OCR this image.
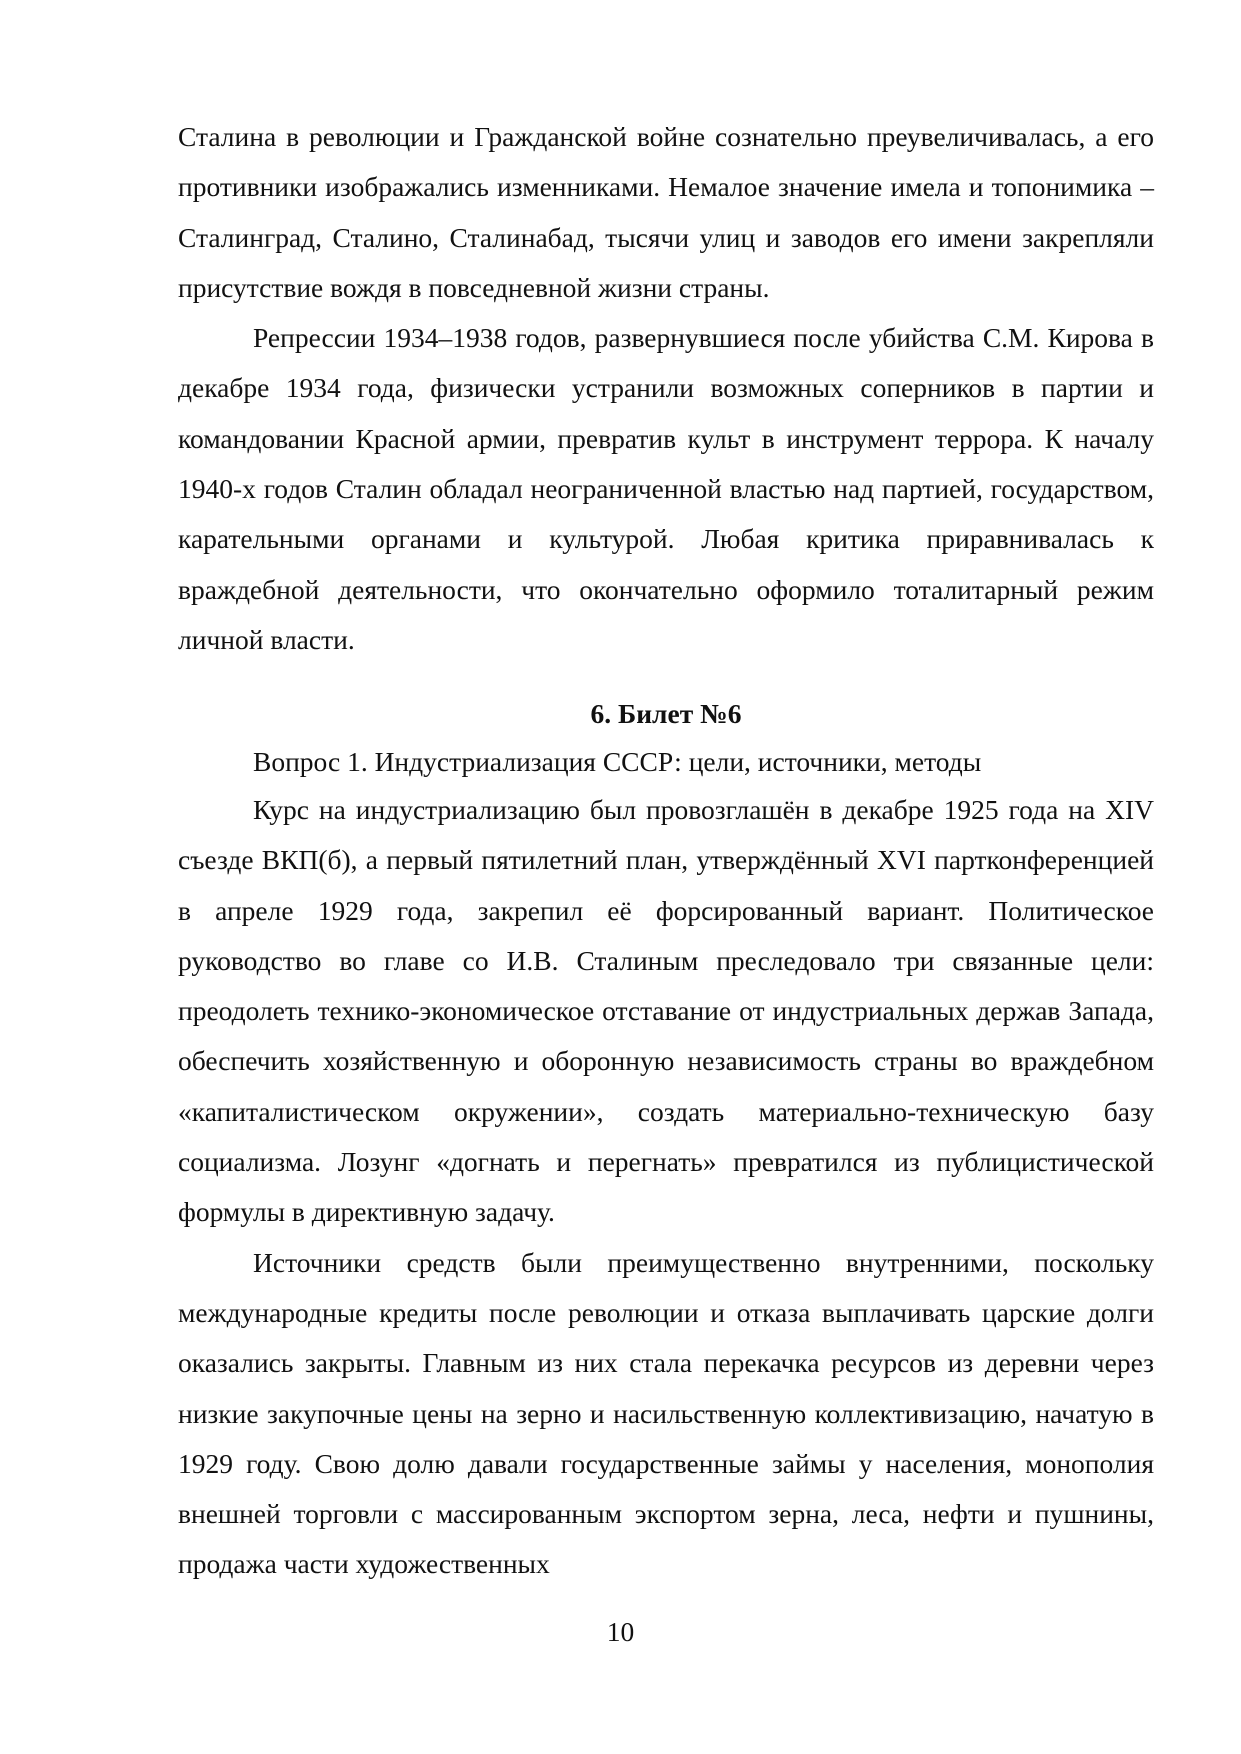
Сталина в революции и Гражданской войне сознательно преувеличивалась, а его противники изображались изменниками. Немалое значение имела и топонимика – Сталинград, Сталино, Сталинабад, тысячи улиц и заводов его имени закрепляли присутствие вождя в повседневной жизни страны.

Репрессии 1934–1938 годов, развернувшиеся после убийства С.М. Кирова в декабре 1934 года, физически устранили возможных соперников в партии и командовании Красной армии, превратив культ в инструмент террора. К началу 1940-х годов Сталин обладал неограниченной властью над партией, государством, карательными органами и культурой. Любая критика приравнивалась к враждебной деятельности, что окончательно оформило тоталитарный режим личной власти.

6. Билет №6

Вопрос 1. Индустриализация СССР: цели, источники, методы

Курс на индустриализацию был провозглашён в декабре 1925 года на XIV съезде ВКП(б), а первый пятилетний план, утверждённый XVI партконференцией в апреле 1929 года, закрепил её форсированный вариант. Политическое руководство во главе со И.В. Сталиным преследовало три связанные цели: преодолеть технико-экономическое отставание от индустриальных держав Запада, обеспечить хозяйственную и оборонную независимость страны во враждебном «капиталистическом окружении», создать материально-техническую базу социализма. Лозунг «догнать и перегнать» превратился из публицистической формулы в директивную задачу.

Источники средств были преимущественно внутренними, поскольку международные кредиты после революции и отказа выплачивать царские долги оказались закрыты. Главным из них стала перекачка ресурсов из деревни через низкие закупочные цены на зерно и насильственную коллективизацию, начатую в 1929 году. Свою долю давали государственные займы у населения, монополия внешней торговли с массированным экспортом зерна, леса, нефти и пушнины, продажа части художественных

10
